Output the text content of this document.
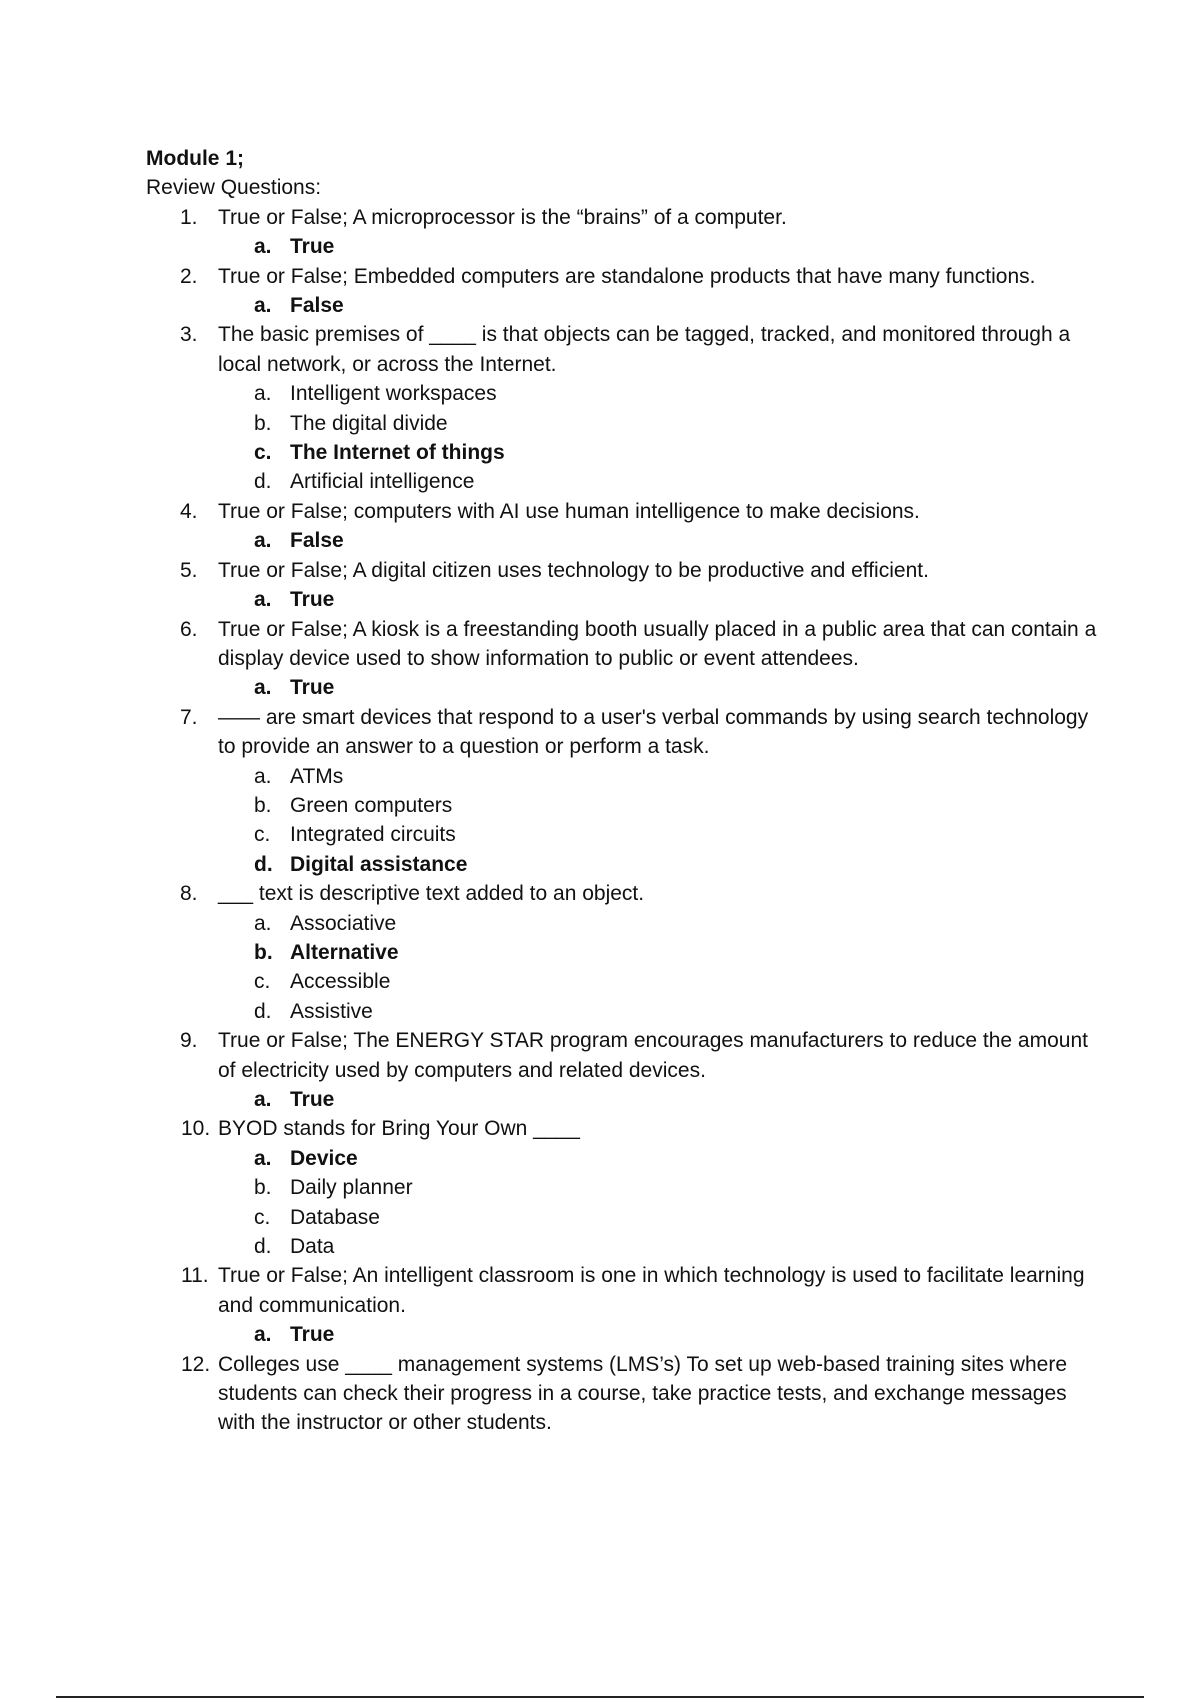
Module 1;
Review Questions:
1. True or False; A microprocessor is the “brains” of a computer.
a. True
2. True or False; Embedded computers are standalone products that have many functions.
a. False
3. The basic premises of ____ is that objects can be tagged, tracked, and monitored through a local network, or across the Internet.
a. Intelligent workspaces
b. The digital divide
c. The Internet of things
d. Artificial intelligence
4. True or False; computers with AI use human intelligence to make decisions.
a. False
5. True or False; A digital citizen uses technology to be productive and efficient.
a. True
6. True or False; A kiosk is a freestanding booth usually placed in a public area that can contain a display device used to show information to public or event attendees.
a. True
7. —— are smart devices that respond to a user's verbal commands by using search technology to provide an answer to a question or perform a task.
a. ATMs
b. Green computers
c. Integrated circuits
d. Digital assistance
8. ___ text is descriptive text added to an object.
a. Associative
b. Alternative
c. Accessible
d. Assistive
9. True or False; The ENERGY STAR program encourages manufacturers to reduce the amount of electricity used by computers and related devices.
a. True
10. BYOD stands for Bring Your Own ____
a. Device
b. Daily planner
c. Database
d. Data
11. True or False; An intelligent classroom is one in which technology is used to facilitate learning and communication.
a. True
12. Colleges use ____ management systems (LMS’s) To set up web-based training sites where students can check their progress in a course, take practice tests, and exchange messages with the instructor or other students.
